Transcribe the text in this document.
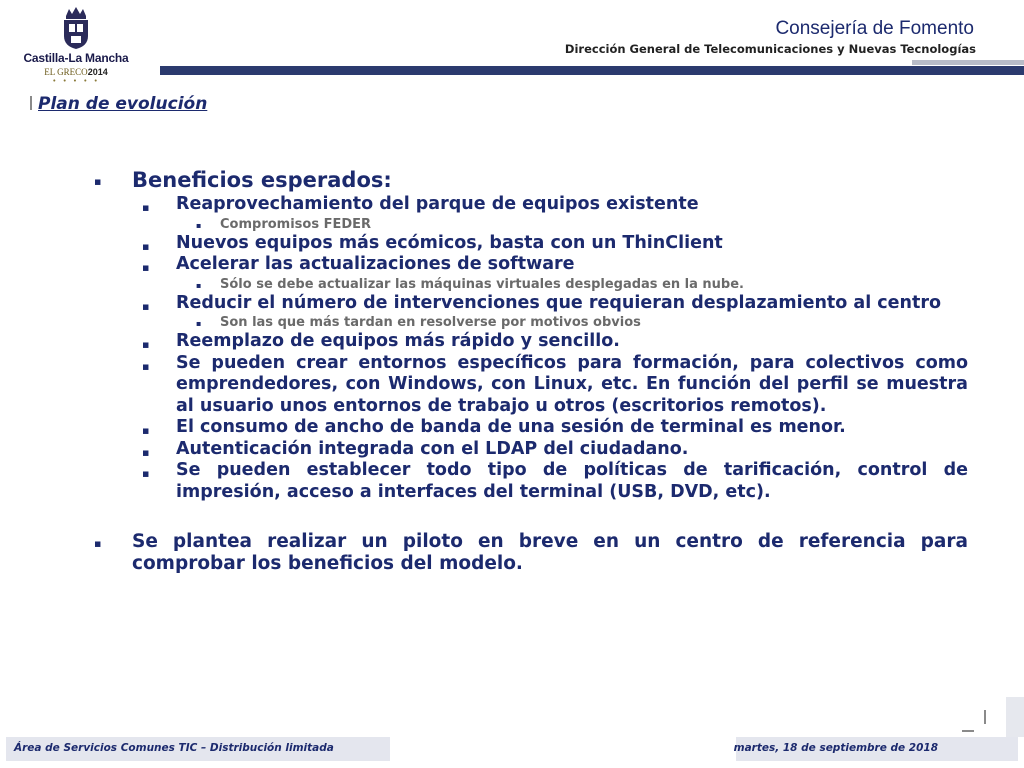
Castilla-La Mancha
EL GRECO2014
• • • • •
Consejería de Fomento
Dirección General de Telecomunicaciones y Nuevas Tecnologías
Plan de evolución
▪ Beneficios esperados:
▪ Reaprovechamiento del parque de equipos existente
▪ Compromisos FEDER
▪ Nuevos equipos más ecómicos, basta con un ThinClient
▪ Acelerar las actualizaciones de software
▪ Sólo se debe actualizar las máquinas virtuales desplegadas en la nube.
▪ Reducir el número de intervenciones que requieran desplazamiento al centro
▪ Son las que más tardan en resolverse por motivos obvios
▪ Reemplazo de equipos más rápido y sencillo.
▪ Se pueden crear entornos específicos para formación, para colectivos como emprendedores, con Windows, con Linux, etc. En función del perfil se muestra al usuario unos entornos de trabajo u otros (escritorios remotos).
▪ El consumo de ancho de banda de una sesión de terminal es menor.
▪ Autenticación integrada con el LDAP del ciudadano.
▪ Se pueden establecer todo tipo de políticas de tarificación, control de impresión, acceso a interfaces del terminal (USB, DVD, etc).
▪ Se plantea realizar un piloto en breve en un centro de referencia para comprobar los beneficios del modelo.
Área de Servicios Comunes TIC – Distribución limitada	martes, 18 de septiembre de 2018
